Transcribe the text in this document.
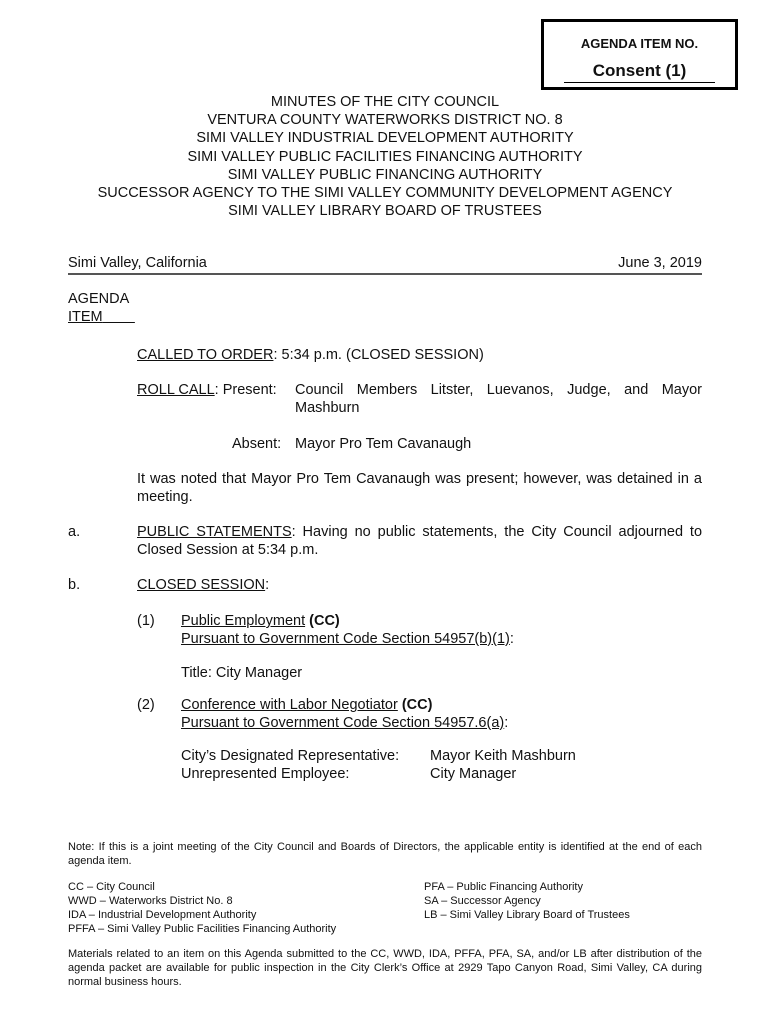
AGENDA ITEM NO.
Consent (1)
MINUTES OF THE CITY COUNCIL
VENTURA COUNTY WATERWORKS DISTRICT NO. 8
SIMI VALLEY INDUSTRIAL DEVELOPMENT AUTHORITY
SIMI VALLEY PUBLIC FACILITIES FINANCING AUTHORITY
SIMI VALLEY PUBLIC FINANCING AUTHORITY
SUCCESSOR AGENCY TO THE SIMI VALLEY COMMUNITY DEVELOPMENT AGENCY
SIMI VALLEY LIBRARY BOARD OF TRUSTEES
Simi Valley, California	June 3, 2019
AGENDA
ITEM
CALLED TO ORDER: 5:34 p.m. (CLOSED SESSION)
ROLL CALL: Present: Council Members Litster, Luevanos, Judge, and Mayor
Mashburn
Absent: Mayor Pro Tem Cavanaugh
It was noted that Mayor Pro Tem Cavanaugh was present; however, was detained in a meeting.
a.	PUBLIC STATEMENTS: Having no public statements, the City Council adjourned to Closed Session at 5:34 p.m.
b.	CLOSED SESSION:
(1) Public Employment (CC)
Pursuant to Government Code Section 54957(b)(1):
Title: City Manager
(2) Conference with Labor Negotiator (CC)
Pursuant to Government Code Section 54957.6(a):
City’s Designated Representative: Mayor Keith Mashburn
Unrepresented Employee:	City Manager
Note: If this is a joint meeting of the City Council and Boards of Directors, the applicable entity is identified at the end of each agenda item.
CC – City Council
WWD – Waterworks District No. 8
IDA – Industrial Development Authority
PFFA – Simi Valley Public Facilities Financing Authority
PFA – Public Financing Authority
SA – Successor Agency
LB – Simi Valley Library Board of Trustees
Materials related to an item on this Agenda submitted to the CC, WWD, IDA, PFFA, PFA, SA, and/or LB after distribution of the agenda packet are available for public inspection in the City Clerk’s Office at 2929 Tapo Canyon Road, Simi Valley, CA during normal business hours.
